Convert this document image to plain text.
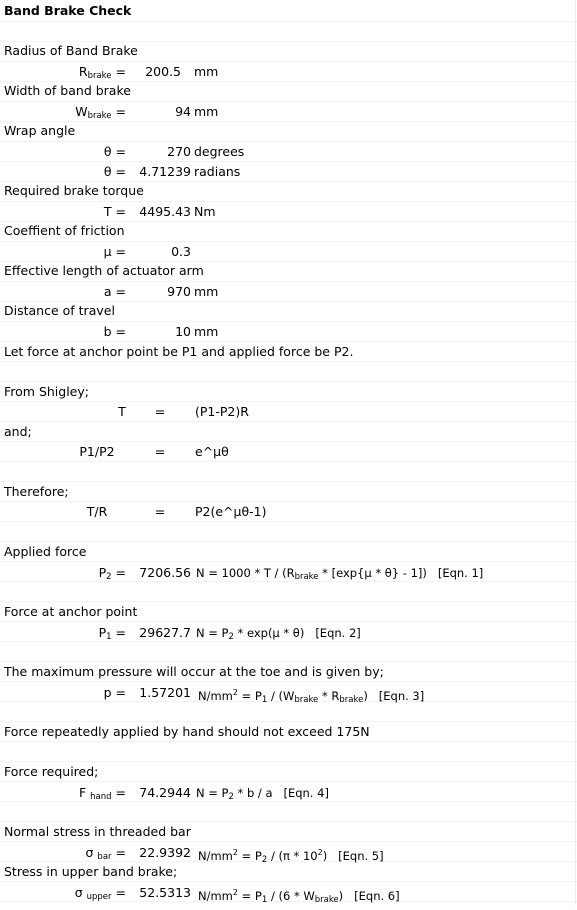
Band Brake Check
Radius of Band Brake
$R_{brake}$ =	200.5 mm
Width of band brake
$W_{brake}$ =	94 mm
Wrap angle
θ =	270 degrees
θ =	4.71239 radians
Required brake torque
T =	4495.43 Nm
Coeffient of friction
μ =	0.3
Effective length of actuator arm
a =	970 mm
Distance of travel
b =	10 mm
Let force at anchor point be P1 and applied force be P2.
From Shigley;
T	=	(P1-P2)R
and;
P1/P2	=	e^μθ
Therefore;
T/R	=	P2(e^μθ-1)
Applied force
$P_2$ =	7206.56 $N = 1000 * T / (R_{brake} * [\exp\{\mu * \theta\} - 1])$ [Eqn. 1]
Force at anchor point
$P_1$ =	29627.7 $N = P_2 * \exp(\mu * \theta)$ [Eqn. 2]
The maximum pressure will occur at the toe and is given by;
p =	1.57201 $N/mm^2 = P_1 / (W_{brake} * R_{brake})$ [Eqn. 3]
Force repeatedly applied by hand should not exceed 175N
Force required;
F $_{hand}$ =	74.2944 $N = P_2 * b / a$ [Eqn. 4]
Normal stress in threaded bar
σ $_{bar}$ =	22.9392 $N/mm^2 = P_2 / (\pi * 10^2)$ [Eqn. 5]
Stress in upper band brake;
σ $_{upper}$ =	52.5313 $N/mm^2 = P_1 / (6 * W_{brake})$ [Eqn. 6]
